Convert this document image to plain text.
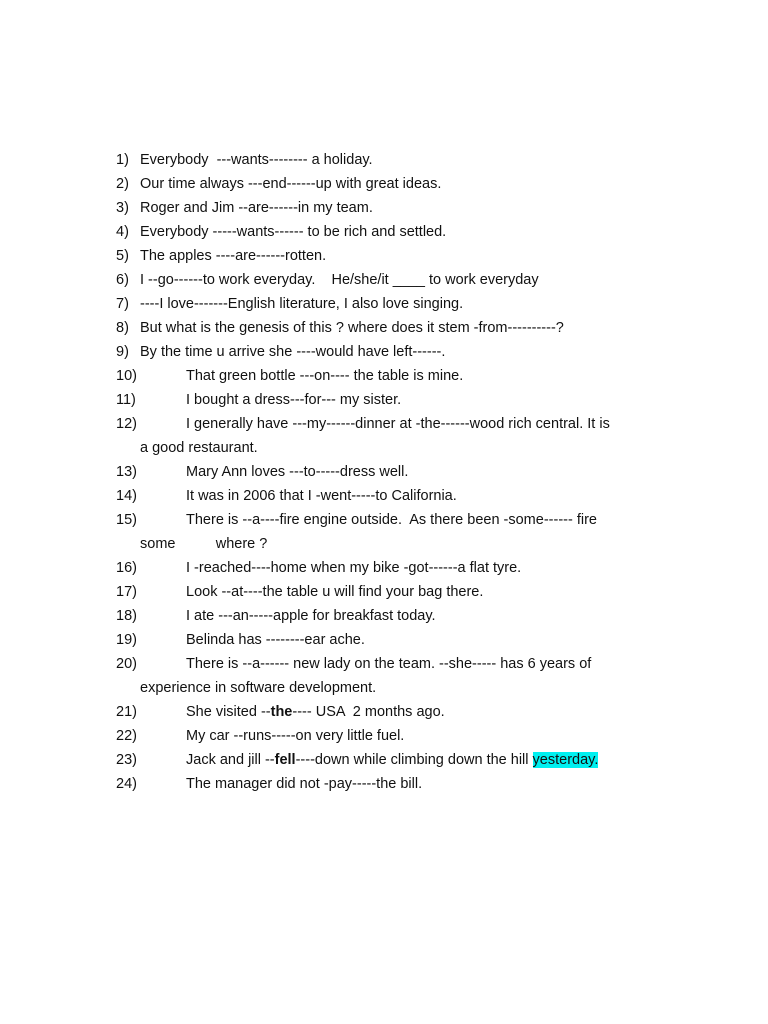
1) Everybody  ---wants-------- a holiday.
2) Our time always ---end------up with great ideas.
3) Roger and Jim --are------in my team.
4) Everybody -----wants------ to be rich and settled.
5) The apples ----are------rotten.
6) I --go------to work everyday.    He/she/it ____ to work everyday
7) ----I love-------English literature, I also love singing.
8) But what is the genesis of this ? where does it stem -from----------?
9) By the time u arrive she ----would have left------.
10)	That green bottle ---on---- the table is mine.
11)	I bought a dress---for--- my sister.
12)	I generally have ---my------dinner at -the------wood rich central. It is
a good restaurant.
13)	Mary Ann loves ---to-----dress well.
14)	It was in 2006 that I -went-----to California.
15)	There is --a----fire engine outside.  As there been -some------ fire
some          where ?
16)	I -reached----home when my bike -got------a flat tyre.
17)	Look --at----the table u will find your bag there.
18)	I ate ---an-----apple for breakfast today.
19)	Belinda has --------ear ache.
20)	There is --a------ new lady on the team. --she----- has 6 years of
experience in software development.
21)	She visited --the---- USA  2 months ago.
22)	My car --runs-----on very little fuel.
23)	Jack and jill --fell----down while climbing down the hill yesterday.
24)	The manager did not -pay-----the bill.
